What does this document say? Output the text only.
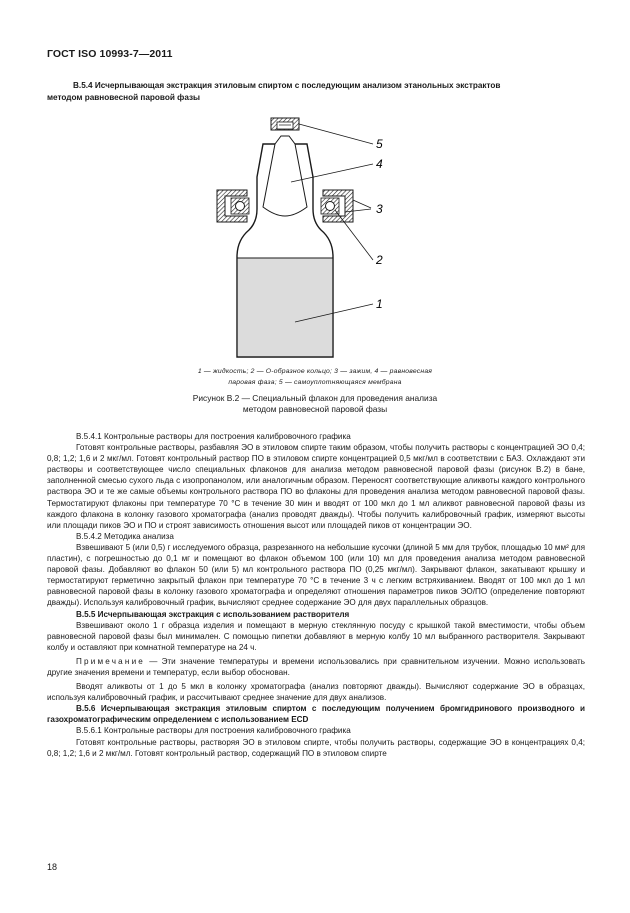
ГОСТ ISO 10993-7—2011
В.5.4 Исчерпывающая экстракция этиловым спиртом с последующим анализом этанольных экстрактов
методом равновесной паровой фазы
5
4
3
2
1
1 — жидкость; 2 — O-образное кольцо; 3 — зажим, 4 — равновесная
паровая фаза; 5 — самоуплотняющаяся мембрана
Рисунок В.2 — Специальный флакон для проведения анализа
методом равновесной паровой фазы

В.5.4.1 Контрольные растворы для построения калибровочного графика

Готовят контрольные растворы, разбавляя ЭО в этиловом спирте таким образом, чтобы получить растворы с концентрацией ЭО 0,4; 0,8; 1,2; 1,6 и 2 мкг/мл. Готовят контрольный раствор ПО в этиловом спирте концентрацией 0,5 мкг/мл в соответствии с БАЗ. Охлаждают эти растворы и соответствующее число специальных флаконов для анализа методом равновесной паровой фазы (рисунок В.2) в бане, заполненной смесью сухого льда с изопропанолом, или аналогичным образом. Переносят соответствующие аликвоты каждого контрольного раствора ЭО и те же самые объемы контрольного раствора ПО во флаконы для проведения анализа методом равновесной паровой фазы. Термостатируют флаконы при температуре 70 °С в течение 30 мин и вводят от 100 мкл до 1 мл аликвот равновесной паровой фазы из каждого флакона в колонку газового хроматографа (анализ проводят дважды). Чтобы получить калибровочный график, измеряют высоты или площади пиков ЭО и ПО и строят зависимость отношения высот или площадей пиков от концентрации ЭО.

В.5.4.2 Методика анализа

Взвешивают 5 (или 0,5) г исследуемого образца, разрезанного на небольшие кусочки (длиной 5 мм для трубок, площадью 10 мм² для пластин), с погрешностью до 0,1 мг и помещают во флакон объемом 100 (или 10) мл для проведения анализа методом равновесной паровой фазы. Добавляют во флакон 50 (или 5) мл контрольного раствора ПО (0,25 мкг/мл). Закрывают флакон, закатывают крышку и термостатируют герметично закрытый флакон при температуре 70 °С в течение 3 ч с легким встряхиванием. Вводят от 100 мкл до 1 мл равновесной паровой фазы в колонку газового хроматографа и определяют отношения параметров пиков ЭО/ПО (определение повторяют дважды). Используя калибровочный график, вычисляют среднее содержание ЭО для двух параллельных образцов.

В.5.5 Исчерпывающая экстракция с использованием растворителя

Взвешивают около 1 г образца изделия и помещают в мерную стеклянную посуду с крышкой такой вместимости, чтобы объем равновесной паровой фазы был минимален. С помощью пипетки добавляют в мерную колбу 10 мл выбранного растворителя. Закрывают колбу и оставляют при комнатной температуре на 24 ч.

Примечание — Эти значение температуры и времени использовались при сравнительном изучении. Можно использовать другие значения времени и температур, если выбор обоснован.

Вводят аликвоты от 1 до 5 мкл в колонку хроматографа (анализ повторяют дважды). Вычисляют содержание ЭО в образцах, используя калибровочный график, и рассчитывают среднее значение для двух анализов.

В.5.6 Исчерпывающая экстракция этиловым спиртом с последующим получением бромгидринового производного и газохроматографическим определением с использованием ECD

В.5.6.1 Контрольные растворы для построения калибровочного графика

Готовят контрольные растворы, растворяя ЭО в этиловом спирте, чтобы получить растворы, содержащие ЭО в концентрациях 0,4; 0,8; 1,2; 1,6 и 2 мкг/мл. Готовят контрольный раствор, содержащий ПО в этиловом спирте

18
